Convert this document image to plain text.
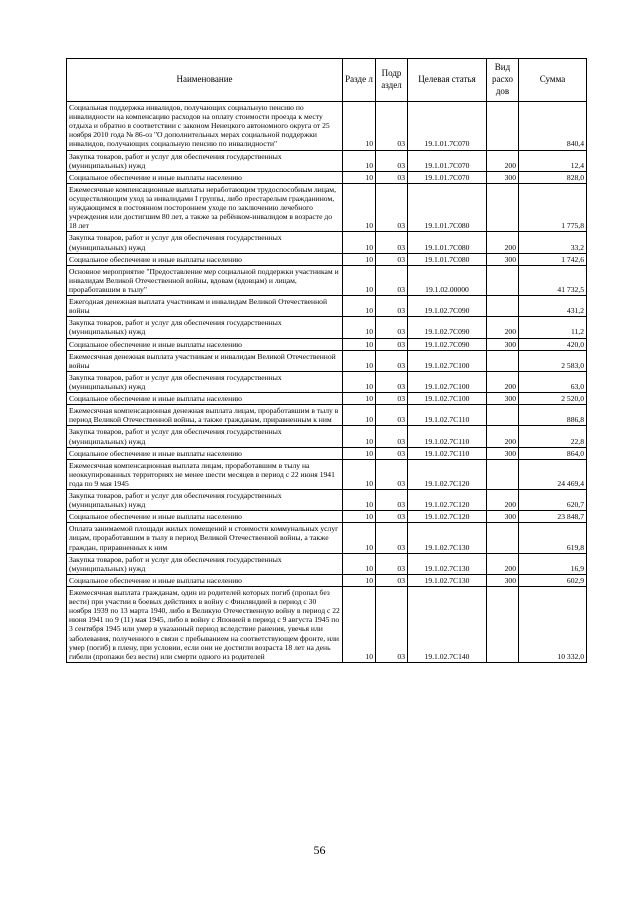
Наименование	Разде л	Подр аздел	Целевая статья	Вид расхо дов	Сумма
Социальная поддержка инвалидов, получающих социальную пенсию по инвалидности на компенсацию расходов на оплату стоимости проезда к месту отдыха и обратно в соответствии с законом Ненецкого автономного округа от 25 ноября 2010 года № 86-оз "О дополнительных мерах социальной поддержки инвалидов, получающих социальную пенсию по инвалидности"	10	03	19.1.01.7С070		840,4
Закупка товаров, работ и услуг для обеспечения государственных (муниципальных) нужд	10	03	19.1.01.7С070	200	12,4
Социальное обеспечение и иные выплаты населению	10	03	19.1.01.7С070	300	828,0
Ежемесячные компенсационные выплаты неработающим трудоспособным лицам, осуществляющим уход за инвалидами I группы, либо престарелым гражданином, нуждающимся в постоянном постороннем уходе по заключению лечебного учреждения или достигшим 80 лет, а также за ребёнком-инвалидом в возрасте до 18 лет	10	03	19.1.01.7С080		1 775,8
Закупка товаров, работ и услуг для обеспечения государственных (муниципальных) нужд	10	03	19.1.01.7С080	200	33,2
Социальное обеспечение и иные выплаты населению	10	03	19.1.01.7С080	300	1 742,6
Основное мероприятие "Предоставление мер социальной поддержки участникам и инвалидам Великой Отечественной войны, вдовам (вдовцам) и лицам, проработавшим в тылу"	10	03	19.1.02.00000		41 732,5
Ежегодная денежная выплата участникам и инвалидам Великой Отечественной войны	10	03	19.1.02.7С090		431,2
Закупка товаров, работ и услуг для обеспечения государственных (муниципальных) нужд	10	03	19.1.02.7С090	200	11,2
Социальное обеспечение и иные выплаты населению	10	03	19.1.02.7С090	300	420,0
Ежемесячная денежная выплата участникам и инвалидам Великой Отечественной войны	10	03	19.1.02.7С100		2 583,0
Закупка товаров, работ и услуг для обеспечения государственных (муниципальных) нужд	10	03	19.1.02.7С100	200	63,0
Социальное обеспечение и иные выплаты населению	10	03	19.1.02.7С100	300	2 520,0
Ежемесячная компенсационная денежная выплата лицам, проработавшим в тылу в период Великой Отечественной войны, а также гражданам, приравненным к ним	10	03	19.1.02.7С110		886,8
Закупка товаров, работ и услуг для обеспечения государственных (муниципальных) нужд	10	03	19.1.02.7С110	200	22,8
Социальное обеспечение и иные выплаты населению	10	03	19.1.02.7С110	300	864,0
Ежемесячная компенсационная выплата лицам, проработавшим в тылу на неоккупированных территориях не менее шести месяцев в период с 22 июня 1941 года по 9 мая 1945	10	03	19.1.02.7С120		24 469,4
Закупка товаров, работ и услуг для обеспечения государственных (муниципальных) нужд	10	03	19.1.02.7С120	200	620,7
Социальное обеспечение и иные выплаты населению	10	03	19.1.02.7С120	300	23 848,7
Оплата занимаемой площади жилых помещений и стоимости коммунальных услуг лицам, проработавшим в тылу в период Великой Отечественной войны, а также граждан, приравненных к ним	10	03	19.1.02.7С130		619,8
Закупка товаров, работ и услуг для обеспечения государственных (муниципальных) нужд	10	03	19.1.02.7С130	200	16,9
Социальное обеспечение и иные выплаты населению	10	03	19.1.02.7С130	300	602,9
Ежемесячная выплата гражданам, один из родителей которых погиб (пропал без вести) при участии в боевых действиях в войну с Финляндией в период с 30 ноября 1939 по 13 марта 1940, либо в Великую Отечественную войну в период с 22 июня 1941 по 9 (11) мая 1945, либо в войну с Японией в период с 9 августа 1945 по 3 сентября 1945 или умер в указанный период вследствие ранения, увечья или заболевания, полученного в связи с пребыванием на соответствующем фронте, или умер (погиб) в плену, при условии, если они не достигли возраста 18 лет на день гибели (пропажи без вести) или смерти одного из родителей	10	03	19.1.02.7С140		10 332,0
56
